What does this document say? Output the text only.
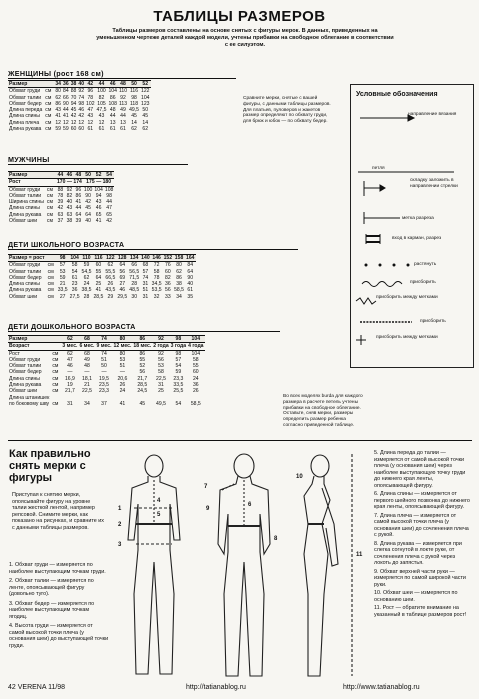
ТАБЛИЦЫ РАЗМЕРОВ
Таблицы размеров составлены на основе снятых с фигуры мерок. В данных, приведенных на уменьшенном чертеже деталей каждой модели, учтены прибавки на свободное облегание в соответствии с ее силуэтом.
ЖЕНЩИНЫ (рост 168 см)
Размер		34	36	38	40	42	44	46	48	50	52
Обхват груди	см	80	84	88	92	96	100	104	110	116	122
Обхват талии	см	62	66	70	74	78	82	86	92	98	104
Обхват бедер	см	86	90	94	98	102	105	108	113	118	123
Длина переда	см	43	44	45	46	47	47,5	48	49	49,5	50
Длина спины	см	41	41	42	42	43	43	44	44	45	45
Длина плеча	см	12	12	12	12	12	12	13	13	14	14
Длина рукава	см	59	59	60	60	61	61	61	61	62	62
Сравните мерки, снятые с вашей фигуры, с данными таблицы размеров. Для платьев, пуловеров и жакетов размер определяют по обхвату груди, для брюк и юбок — по обхвату бедер.
МУЖЧИНЫ
Размер		44	46	48	50	52	54
Рост		170 — 174			175 — 180		
Обхват груди	см	88	92	96	100	104	108
Обхват талии	см	78	82	86	90	94	98
Ширина спины	см	39	40	41	42	43	44
Длина спины	см	42	43	44	45	46	47
Длина рукава	см	63	63	64	64	65	65
Обхват шеи	см	37	38	39	40	41	42
ДЕТИ ШКОЛЬНОГО ВОЗРАСТА
Размер = рост		98	104	110	116	122	128	134	140	146	152	158	164
Обхват груди	см	57	58	59	60	62	64	66	68	72	76	80	84
Обхват талии	см	53	54	54,5	55	55,5	56	56,5	57	58	60	62	64
Обхват бедер	см	59	61	62	64	66,5	69	71,5	74	78	82	86	90
Длина спины	см	21	23	24	25	26	27	28	31	34,5	36	38	40
Длина рукава	см	33,5	36	38,5	41	43,5	46	48,5	51	53,5	56	58,5	61
Обхват шеи	см	27	27,5	28	28,5	29	29,5	30	31	32	33	34	35
ДЕТИ ДОШКОЛЬНОГО ВОЗРАСТА
Размер		62	68	74	80	86	92	98	104
Возраст		3 мес.	6 мес.	9 мес.	12 мес.	18 мес.	2 года	3 года	4 года
Рост	см	62	68	74	80	86	92	98	104
Обхват груди	см	47	49	51	53	55	56	57	58
Обхват талии	см	46	48	50	51	52	53	54	55
Обхват бедер	см	—	—	—	—	56	58	59	60
Длина спины	см	16,9	18,1	19,5	20,6	21,7	22,5	23,3	24
Длина рукава	см	19	21	23,5	26	28,5	31	33,5	36
Обхват шеи	см	21,7	22,5	23,3	24	24,5	25	25,5	26
Длина штанишек									
по боковому шву	см	31	34	37	41	45	49,5	54	58,5
Во всех моделях burda для каждого размера в расчете петель учтены прибавки на свободное облегание. Оставьте, сняв мерки, размеры определить размер ребенка согласно приведенной таблице.
Условные обозначения
направление вязания
петля
складку заложить в направлении стрелки
метка разреза
вход в карман, разрез
растянуть
присборить
присборить между метками
присборить
присборить между метками
Как правильно снять мерки с фигуры
Приступая к снятию мерки, опоясывайте фигуру на уровне талии жесткой лентой, например репсовой. Снимите мерки, как показано на рисунках, и сравните их с данными таблицы размеров.
1. Обхват груди — измеряется по наиболее выступающим точкам груди.
2. Обхват талии — измеряется по ленте, опоясывающей фигуру (довольно туго).
3. Обхват бедер — измеряется по наиболее выступающим точкам ягодиц.
4. Высота груди — измеряется от самой высокой точки плеча (у основания шеи) до выступающей точки груди.
4
5
1
2
3
7
9
6
8
10
11
5. Длина переда до талии — измеряется от самой высокой точки плеча (у основания шеи) через наиболее выступающую точку груди до нижнего края ленты, опоясывающей фигуру.
6. Длина спины — измеряется от первого шейного позвонка до нижнего края ленты, опоясывающей фигуру.
7. Длина плеча — измеряется от самой высокой точки плеча (у основания шеи) до сочленения плеча с рукой.
8. Длина рукава — измеряется при слегка согнутой в локте руке, от сочленения плеча с рукой через локоть до запястья.
9. Обхват верхней части руки — измеряется по самой широкой части руки.
10. Обхват шеи — измеряется по основанию шеи.
11. Рост — обратите внимание на указанный в таблице размеров рост!
42 VERENA 11/98	http://tatianablog.ru	http://www.tatianablog.ru
